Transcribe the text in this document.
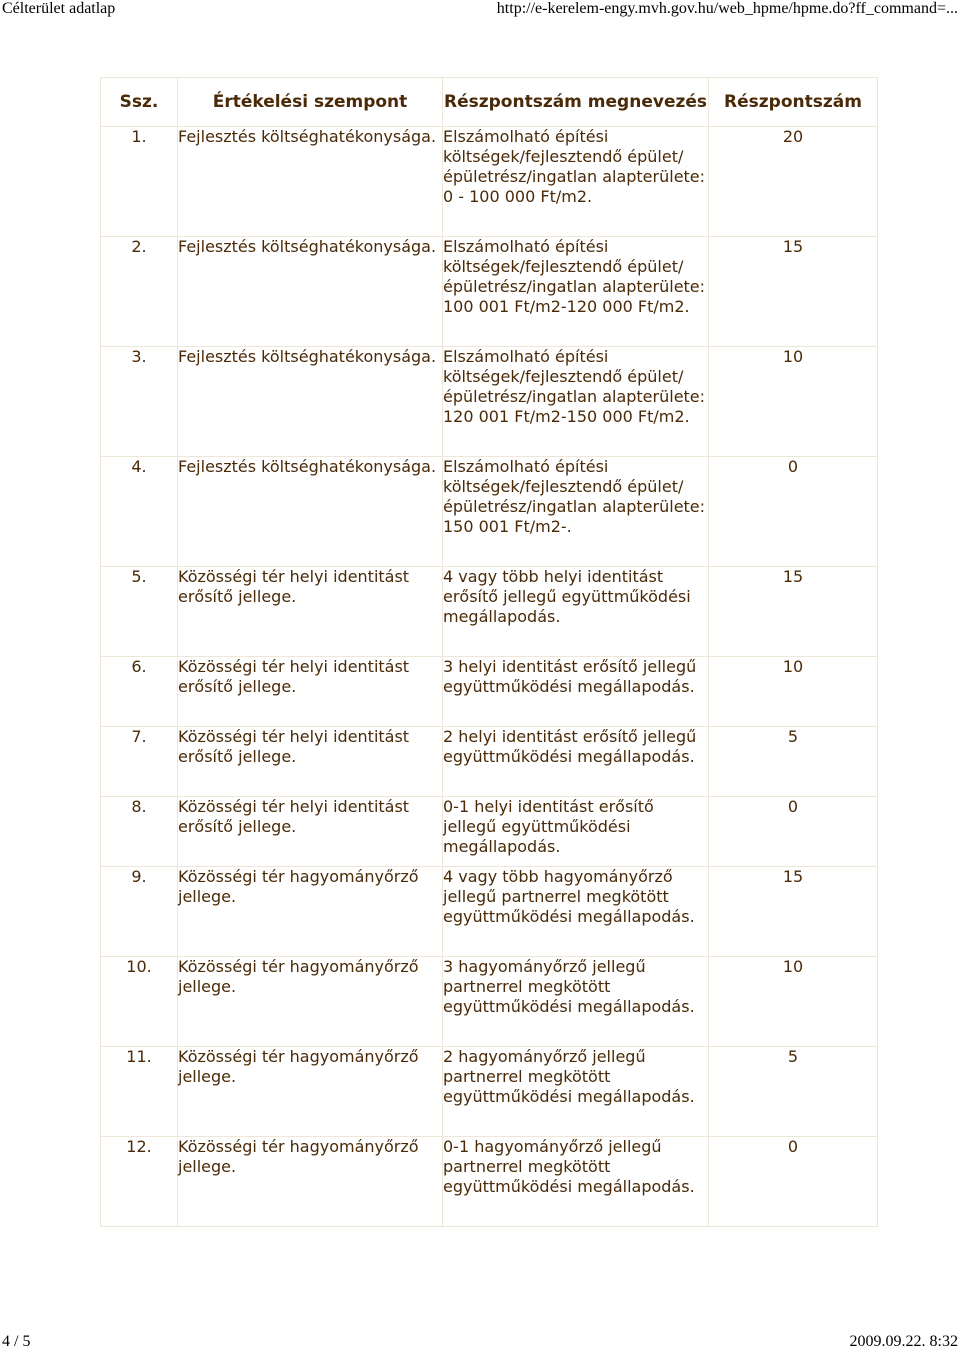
Célterület adatlap	http://e-kerelem-engy.mvh.gov.hu/web_hpme/hpme.do?ff_command=...
Ssz.	Értékelési szempont	Részpontszám megnevezés	Részpontszám
1.	Fejlesztés költséghatékonysága.	Elszámolható építési költségek/fejlesztendő épület/épületrész/ingatlan alapterülete: 0 - 100 000 Ft/m2.	20
2.	Fejlesztés költséghatékonysága.	Elszámolható építési költségek/fejlesztendő épület/épületrész/ingatlan alapterülete: 100 001 Ft/m2-120 000 Ft/m2.	15
3.	Fejlesztés költséghatékonysága.	Elszámolható építési költségek/fejlesztendő épület/épületrész/ingatlan alapterülete: 120 001 Ft/m2-150 000 Ft/m2.	10
4.	Fejlesztés költséghatékonysága.	Elszámolható építési költségek/fejlesztendő épület/épületrész/ingatlan alapterülete: 150 001 Ft/m2-.	0
5.	Közösségi tér helyi identitást erősítő jellege.	4 vagy több helyi identitást erősítő jellegű együttműködési megállapodás.	15
6.	Közösségi tér helyi identitást erősítő jellege.	3 helyi identitást erősítő jellegű együttműködési megállapodás.	10
7.	Közösségi tér helyi identitást erősítő jellege.	2 helyi identitást erősítő jellegű együttműködési megállapodás.	5
8.	Közösségi tér helyi identitást erősítő jellege.	0-1 helyi identitást erősítő jellegű együttműködési megállapodás.	0
9.	Közösségi tér hagyományőrző jellege.	4 vagy több hagyományőrző jellegű partnerrel megkötött együttműködési megállapodás.	15
10.	Közösségi tér hagyományőrző jellege.	3 hagyományőrző jellegű partnerrel megkötött együttműködési megállapodás.	10
11.	Közösségi tér hagyományőrző jellege.	2 hagyományőrző jellegű partnerrel megkötött együttműködési megállapodás.	5
12.	Közösségi tér hagyományőrző jellege.	0-1 hagyományőrző jellegű partnerrel megkötött együttműködési megállapodás.	0
4 / 5	2009.09.22. 8:32
